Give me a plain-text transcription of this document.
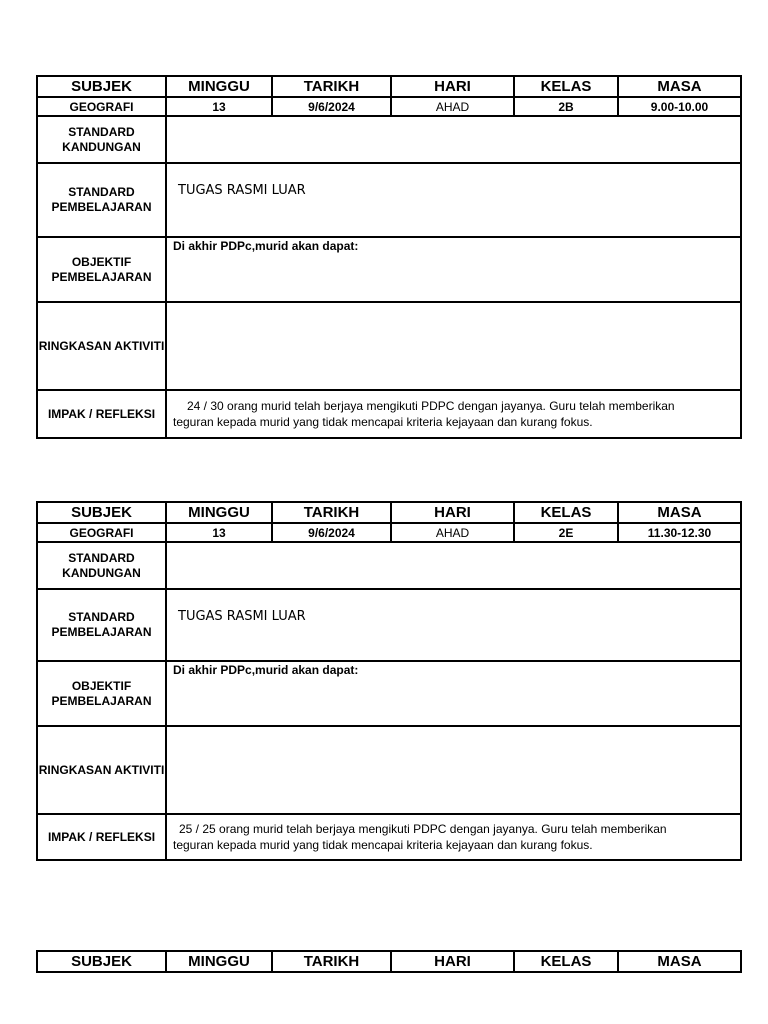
SUBJEK	MINGGU	TARIKH	HARI	KELAS	MASA
GEOGRAFI	13	9/6/2024	AHAD	2B	9.00-10.00
STANDARD KANDUNGAN					
STANDARD PEMBELAJARAN	TUGAS RASMI LUAR				
OBJEKTIF PEMBELAJARAN	Di akhir PDPc,murid akan dapat:				
RINGKASAN AKTIVITI					
IMPAK / REFLEKSI	24 / 30 orang murid telah berjaya mengikuti PDPC dengan jayanya. Guru telah memberikan
teguran kepada murid yang tidak mencapai kriteria kejayaan dan kurang fokus.				
SUBJEK	MINGGU	TARIKH	HARI	KELAS	MASA
GEOGRAFI	13	9/6/2024	AHAD	2E	11.30-12.30
STANDARD KANDUNGAN					
STANDARD PEMBELAJARAN	TUGAS RASMI LUAR				
OBJEKTIF PEMBELAJARAN	Di akhir PDPc,murid akan dapat:				
RINGKASAN AKTIVITI					
IMPAK / REFLEKSI	25 / 25 orang murid telah berjaya mengikuti PDPC dengan jayanya. Guru telah memberikan
teguran kepada murid yang tidak mencapai kriteria kejayaan dan kurang fokus.				
SUBJEK	MINGGU	TARIKH	HARI	KELAS	MASA
